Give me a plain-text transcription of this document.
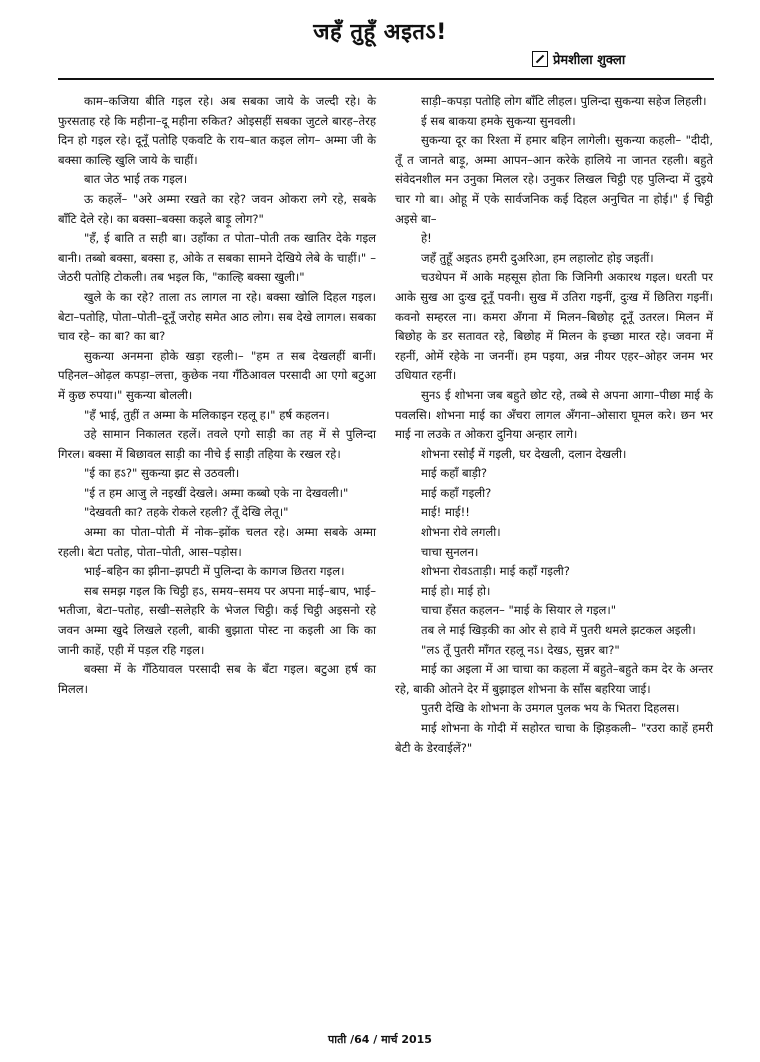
जहँ तुहूँ अइतऽ!
प्रेमशीला शुक्ला

काम–कजिया बीति गइल रहे। अब सबका जाये के जल्दी रहे। के फुरसताह रहे कि महीना–दू महीना रुकित? ओइसहीं सबका जुटले बारह–तेरह दिन हो गइल रहे। दूनूँ पतोहि एकवटि के राय–बात कइल लोग– अम्मा जी के बक्सा काल्हि खुलि जाये के चाहीं।

बात जेठ भाई तक गइल।

ऊ कहलें– "अरे अम्मा रखते का रहे? जवन ओकरा लगे रहे, सबके बाँटि देले रहे। का बक्सा–बक्सा कइले बाड़ू लोग?"

"हँ, ई बाति त सही बा। उहाँका त पोता–पोती तक खातिर देके गइल बानी। तब्बो बक्सा, बक्सा ह, ओके त सबका सामने देखिये लेबे के चाहीं।" – जेठरी पतोहि टोकली। तब भइल कि, "काल्हि बक्सा खुली।"

खुले के का रहे? ताला तऽ लागल ना रहे। बक्सा खोलि दिहल गइल। बेटा–पतोहि, पोता–पोती–दूनूँ जरोह समेत आठ लोग। सब देखे लागल। सबका चाव रहे– का बा? का बा?

सुकन्या अनमना होके खड़ा रहली।– "हम त सब देखलहीं बानीं। पहिनल–ओढ़ल कपड़ा–लत्ता, कुछेक नया गँठिआवल परसादी आ एगो बटुआ में कुछ रुपया।" सुकन्या बोलली।

"हँ भाई, तुहीं त अम्मा के मलिकाइन रहलू ह।" हर्ष कहलन।

उहे सामान निकालत रहलें। तवले एगो साड़ी का तह में से पुलिन्दा गिरल। बक्सा में बिछावल साड़ी का नीचे ई साड़ी तहिया के रखल रहे।

"ई का हऽ?" सुकन्या झट से उठवली।

"ई त हम आजु ले नइखीं देखले। अम्मा कब्बो एके ना देखवली।"

"देखवती का? तहके रोकले रहली? तूँ देखि लेतू।"

अम्मा का पोता–पोती में नोक–झोंक चलत रहे। अम्मा सबके अम्मा रहली। बेटा पतोह, पोता–पोती, आस–पड़ोस।

भाई–बहिन का झीना–झपटी में पुलिन्दा के कागज छितरा गइल।

सब समझ गइल कि चिट्ठी हऽ, समय–समय पर अपना माई–बाप, भाई–भतीजा, बेटा–पतोह, सखी–सलेहरि के भेजल चिट्ठी। कई चिट्ठी अइसनो रहे जवन अम्मा खुदे लिखले रहली, बाकी बुझाता पोस्ट ना कइली आ कि का जानी काहें, एही में पड़ल रहि गइल।

बक्सा में के गँठियावल परसादी सब के बँटा गइल। बटुआ हर्ष का मिलल।

साड़ी–कपड़ा पतोहि लोग बाँटि लीहल। पुलिन्दा सुकन्या सहेज लिहली।

ई सब बाकया हमके सुकन्या सुनवली।

सुकन्या दूर का रिश्ता में हमार बहिन लागेली। सुकन्या कहली– "दीदी, तूँ त जानते बाड़ू, अम्मा आपन–आन करेके हालिये ना जानत रहली। बहुते संवेदनशील मन उनुका मिलल रहे। उनुकर लिखल चिट्ठी एह पुलिन्दा में दुइये चार गो बा। ओहू में एके सार्वजनिक कई दिहल अनुचित ना होई।" ई चिट्ठी अइसे बा–

हे!

जहँ तुहूँ अइतऽ हमरी दुअरिआ, हम लहालोट होइ जइतीं।

चउथेपन में आके महसूस होता कि जिनिगी अकारथ गइल। धरती पर आके सुख आ दुःख दूनूँ पवनी। सुख में उतिरा गइनीं, दुःख में छितिरा गइनीं। कवनो सम्हरल ना। कमरा अँगना में मिलन–बिछोह दूनूँ उतरल। मिलन में बिछोह के डर सतावत रहे, बिछोह में मिलन के इच्छा मारत रहे। जवना में रहनीं, ओमें रहेके ना जननीं। हम पइया, अन्न नीयर एहर–ओहर जनम भर उधियात रहनीं।

सुनऽ ई शोभना जब बहुते छोट रहे, तब्बे से अपना आगा–पीछा माई के पवलसि। शोभना माई का अँचरा लागल अँगना–ओसारा घूमल करे। छन भर माई ना लउके त ओकरा दुनिया अन्हार लागे।

शोभना रसोईं में गइली, घर देखली, दलान देखली।

माई कहाँ बाड़ी?

माई कहाँ गइली?

माई! माई!!

शोभना रोवे लगली।

चाचा सुनलन।

शोभना रोवऽताड़ी। माई कहाँ गइली?

माई हो। माई हो।

चाचा हँसत कहलन– "माई के सियार ले गइल।"

तब ले माई खिड़की का ओर से हावे में पुतरी थमले झटकल अइली।

"लऽ तूँ पुतरी माँगत रहलू नऽ। देखऽ, सुन्नर बा?"

माई का अइला में आ चाचा का कहला में बहुते–बहुते कम देर के अन्तर रहे, बाकी ओतने देर में बुझाइल शोभना के साँस बहरिया जाई।

पुतरी देखि के शोभना के उमगल पुलक भय के भितरा दिहलस।

माई शोभना के गोदी में सहोरत चाचा के झिड़कली– "रउरा काहें हमरी बेटी के डेरवाईलें?"

पाती /64 / मार्च 2015
